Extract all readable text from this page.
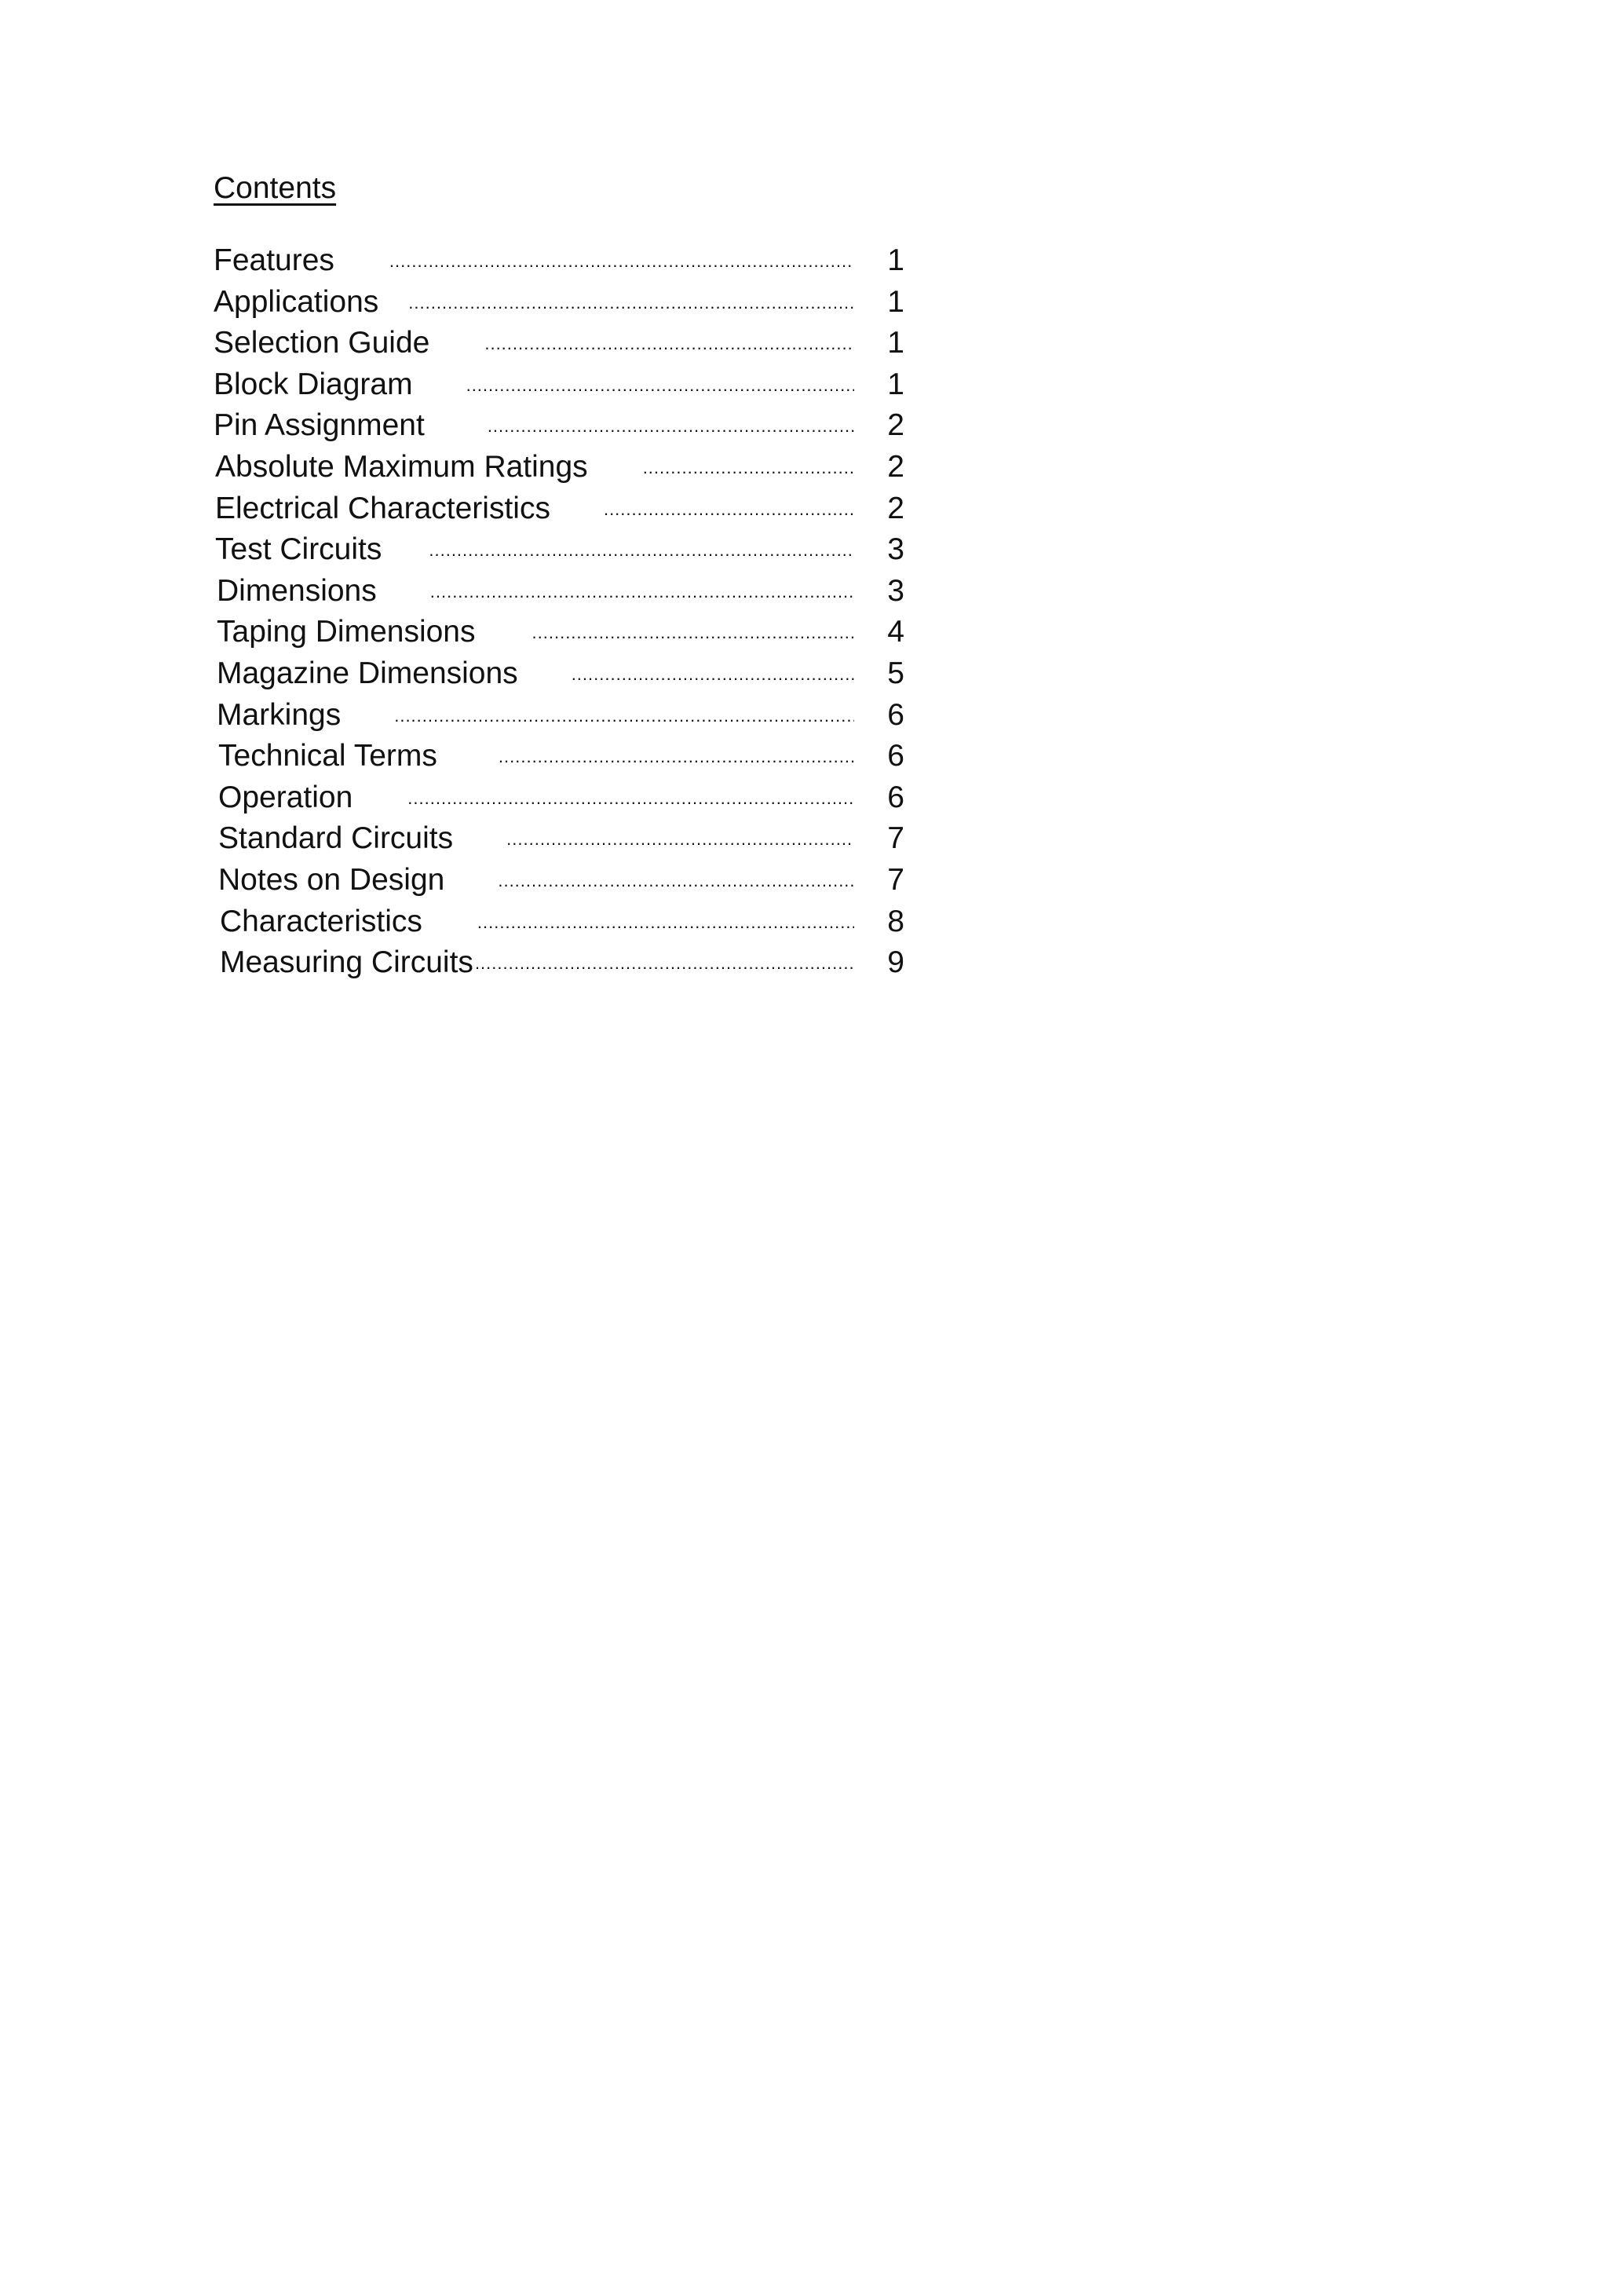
Contents
Features .....	1
Applications .....	1
Selection Guide .....	1
Block Diagram .....	1
Pin Assignment .....	2
Absolute Maximum Ratings .....	2
Electrical Characteristics .....	2
Test Circuits .....	3
Dimensions .....	3
Taping Dimensions .....	4
Magazine Dimensions .....	5
Markings .....	6
Technical Terms .....	6
Operation .....	6
Standard Circuits .....	7
Notes on Design .....	7
Characteristics .....	8
Measuring Circuits .....	9
